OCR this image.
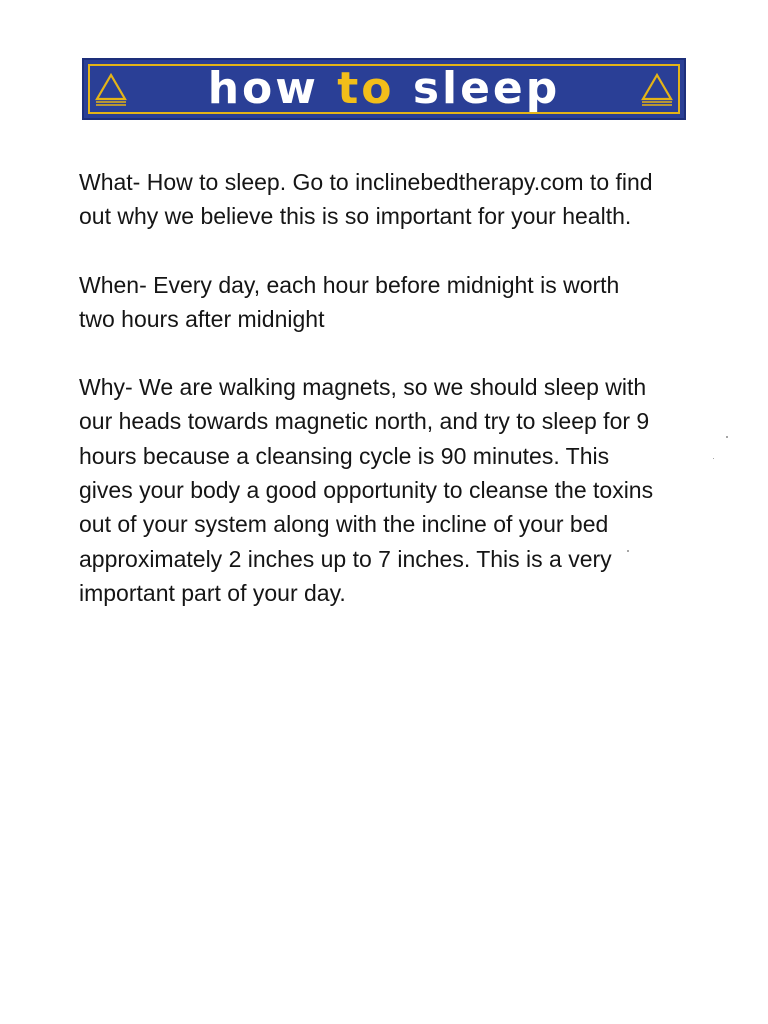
how to sleep

What- How to sleep. Go to inclinebedtherapy.com to find out why we believe this is so important for your health.

When- Every day, each hour before midnight is worth two hours after midnight

Why- We are walking magnets, so we should sleep with our heads towards magnetic north, and try to sleep for 9 hours because a cleansing cycle is 90 minutes. This gives your body a good opportunity to cleanse the toxins out of your system along with the incline of your bed approximately 2 inches up to 7 inches. This is a very important part of your day.
